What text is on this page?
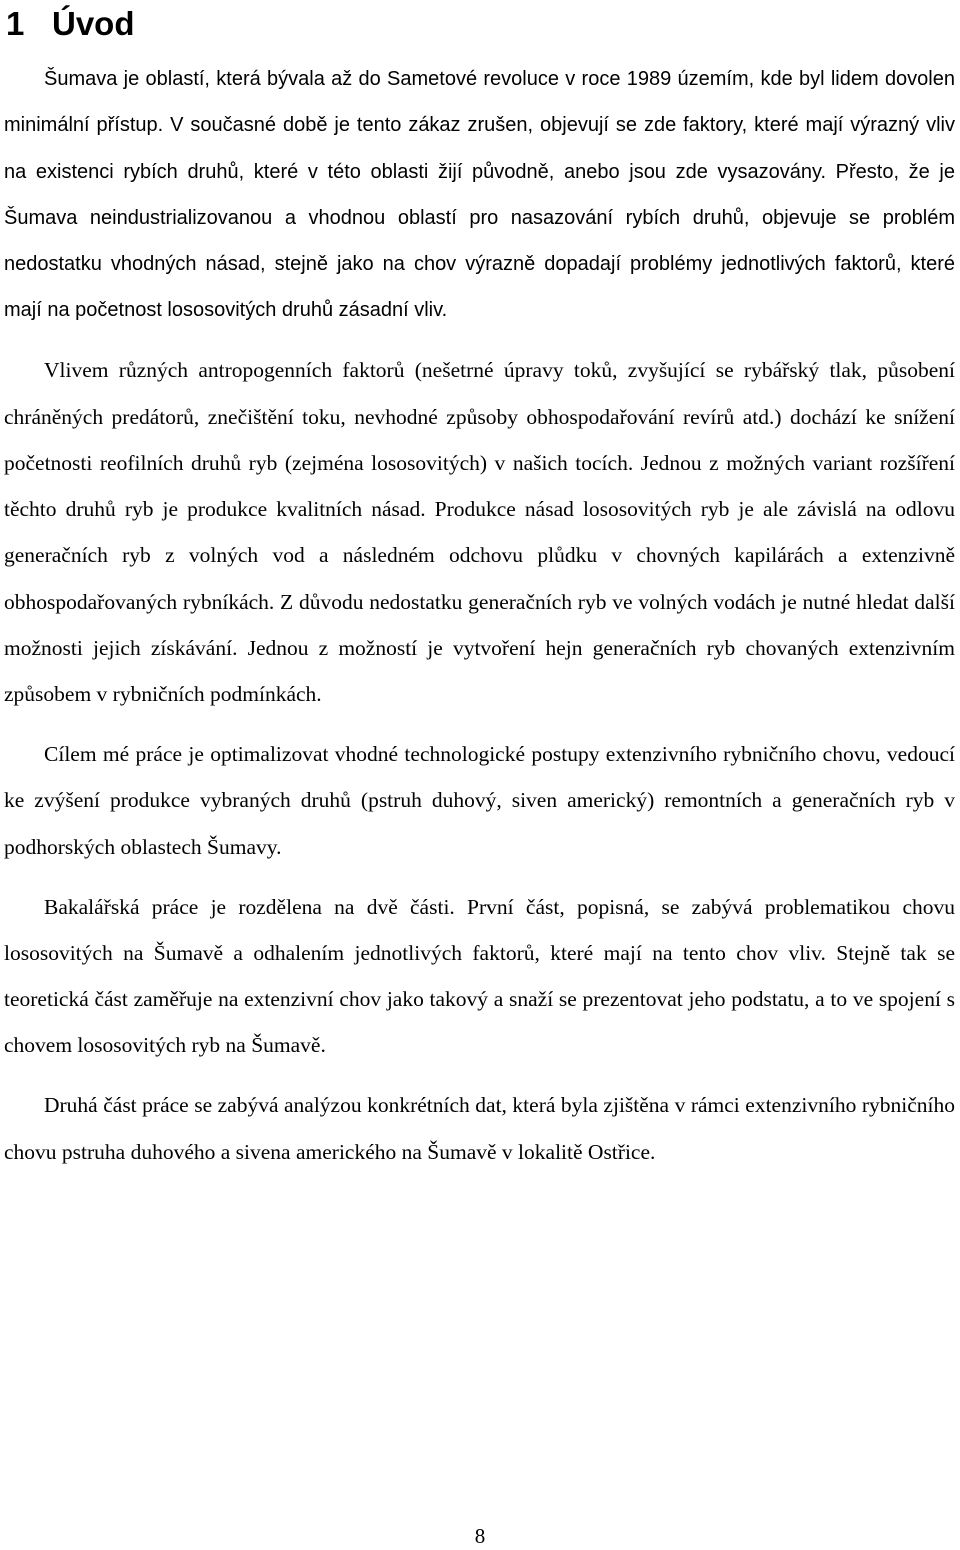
1 Úvod

Šumava je oblastí, která bývala až do Sametové revoluce v roce 1989 územím, kde byl lidem dovolen minimální přístup. V současné době je tento zákaz zrušen, objevují se zde faktory, které mají výrazný vliv na existenci rybích druhů, které v této oblasti žijí původně, anebo jsou zde vysazovány. Přesto, že je Šumava neindustrializovanou a vhodnou oblastí pro nasazování rybích druhů, objevuje se problém nedostatku vhodných násad, stejně jako na chov výrazně dopadají problémy jednotlivých faktorů, které mají na početnost lososovitých druhů zásadní vliv.

Vlivem různých antropogenních faktorů (nešetrné úpravy toků, zvyšující se rybářský tlak, působení chráněných predátorů, znečištění toku, nevhodné způsoby obhospodařování revírů atd.) dochází ke snížení početnosti reofilních druhů ryb (zejména lososovitých) v našich tocích. Jednou z možných variant rozšíření těchto druhů ryb je produkce kvalitních násad. Produkce násad lososovitých ryb je ale závislá na odlovu generačních ryb z volných vod a následném odchovu plůdku v chovných kapilárách a extenzivně obhospodařovaných rybníkách. Z důvodu nedostatku generačních ryb ve volných vodách je nutné hledat další možnosti jejich získávání. Jednou z možností je vytvoření hejn generačních ryb chovaných extenzivním způsobem v rybničních podmínkách.

Cílem mé práce je optimalizovat vhodné technologické postupy extenzivního rybničního chovu, vedoucí ke zvýšení produkce vybraných druhů (pstruh duhový, siven americký) remontních a generačních ryb v podhorských oblastech Šumavy.

Bakalářská práce je rozdělena na dvě části. První část, popisná, se zabývá problematikou chovu lososovitých na Šumavě a odhalením jednotlivých faktorů, které mají na tento chov vliv. Stejně tak se teoretická část zaměřuje na extenzivní chov jako takový a snaží se prezentovat jeho podstatu, a to ve spojení s chovem lososovitých ryb na Šumavě.

Druhá část práce se zabývá analýzou konkrétních dat, která byla zjištěna v rámci extenzivního rybničního chovu pstruha duhového a sivena amerického na Šumavě v lokalitě Ostřice.

8
